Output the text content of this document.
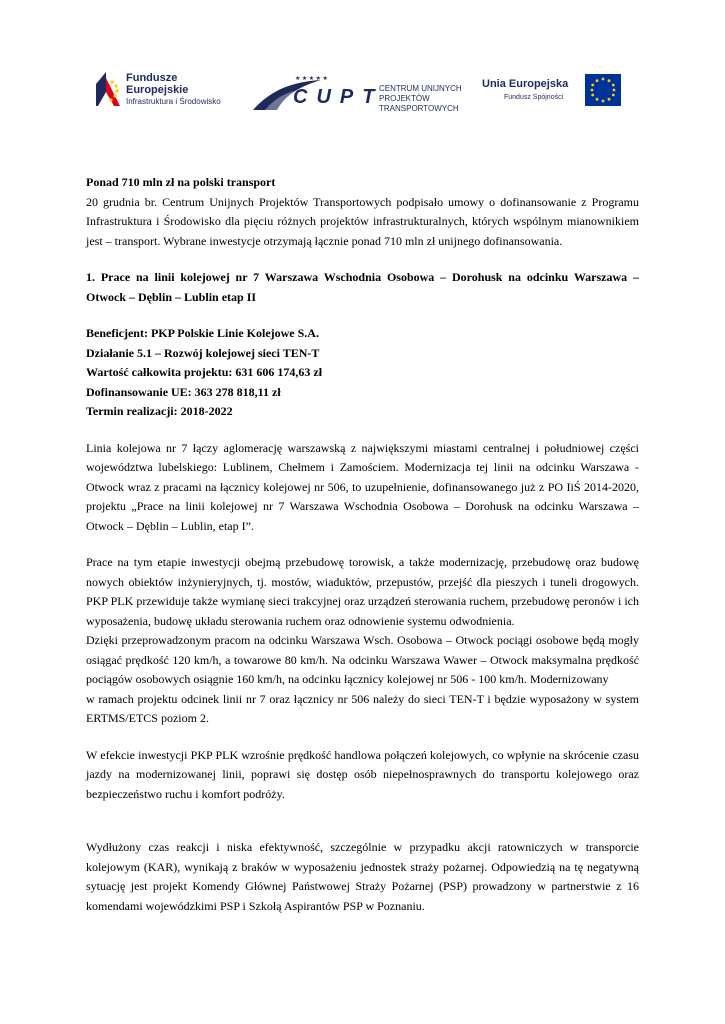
Fundusze
Europejskie
Infrastruktura i Środowisko
★ ★ ★ ★ ★
CUPT
CENTRUM UNIJNYCH
PROJEKTÓW TRANSPORTOWYCH
Unia Europejska
Fundusz Spójności

Ponad 710 mln zł na polski transport

20 grudnia br. Centrum Unijnych Projektów Transportowych podpisało umowy o dofinansowanie z Programu Infrastruktura i Środowisko dla pięciu różnych projektów infrastrukturalnych, których wspólnym mianownikiem jest – transport. Wybrane inwestycje otrzymają łącznie ponad 710 mln zł unijnego dofinansowania.

1. Prace na linii kolejowej nr 7 Warszawa Wschodnia Osobowa – Dorohusk na odcinku Warszawa – Otwock – Dęblin – Lublin etap II

Beneficjent: PKP Polskie Linie Kolejowe S.A.

Działanie 5.1 – Rozwój kolejowej sieci TEN-T

Wartość całkowita projektu: 631 606 174,63 zł

Dofinansowanie UE: 363 278 818,11 zł

Termin realizacji: 2018-2022

Linia kolejowa nr 7 łączy aglomerację warszawską z największymi miastami centralnej i południowej części województwa lubelskiego: Lublinem, Chełmem i Zamościem. Modernizacja tej linii na odcinku Warszawa - Otwock wraz z pracami na łącznicy kolejowej nr 506, to uzupełnienie, dofinansowanego już z PO IiŚ 2014-2020, projektu „Prace na linii kolejowej nr 7 Warszawa Wschodnia Osobowa – Dorohusk na odcinku Warszawa – Otwock – Dęblin – Lublin, etap I”.

Prace na tym etapie inwestycji obejmą przebudowę torowisk, a także modernizację, przebudowę oraz budowę nowych obiektów inżynieryjnych, tj. mostów, wiaduktów, przepustów, przejść dla pieszych i tuneli drogowych. PKP PLK przewiduje także wymianę sieci trakcyjnej oraz urządzeń sterowania ruchem, przebudowę peronów i ich wyposażenia, budowę układu sterowania ruchem oraz odnowienie systemu odwodnienia.

Dzięki przeprowadzonym pracom na odcinku Warszawa Wsch. Osobowa – Otwock pociągi osobowe będą mogły osiągać prędkość 120 km/h, a towarowe 80 km/h. Na odcinku Warszawa Wawer – Otwock maksymalna prędkość pociągów osobowych osiągnie 160 km/h, na odcinku łącznicy kolejowej nr 506 - 100 km/h. Modernizowany

w ramach projektu odcinek linii nr 7 oraz łącznicy nr 506 należy do sieci TEN-T i będzie wyposażony w system ERTMS/ETCS poziom 2.

W efekcie inwestycji PKP PLK wzrośnie prędkość handlowa połączeń kolejowych, co wpłynie na skrócenie czasu jazdy na modernizowanej linii, poprawi się dostęp osób niepełnosprawnych do transportu kolejowego oraz bezpieczeństwo ruchu i komfort podróży.

Wydłużony czas reakcji i niska efektywność, szczególnie w przypadku akcji ratowniczych w transporcie kolejowym (KAR), wynikają z braków w wyposażeniu jednostek straży pożarnej. Odpowiedzią na tę negatywną sytuację jest projekt Komendy Głównej Państwowej Straży Pożarnej (PSP) prowadzony w partnerstwie z 16 komendami wojewódzkimi PSP i Szkołą Aspirantów PSP w Poznaniu.
